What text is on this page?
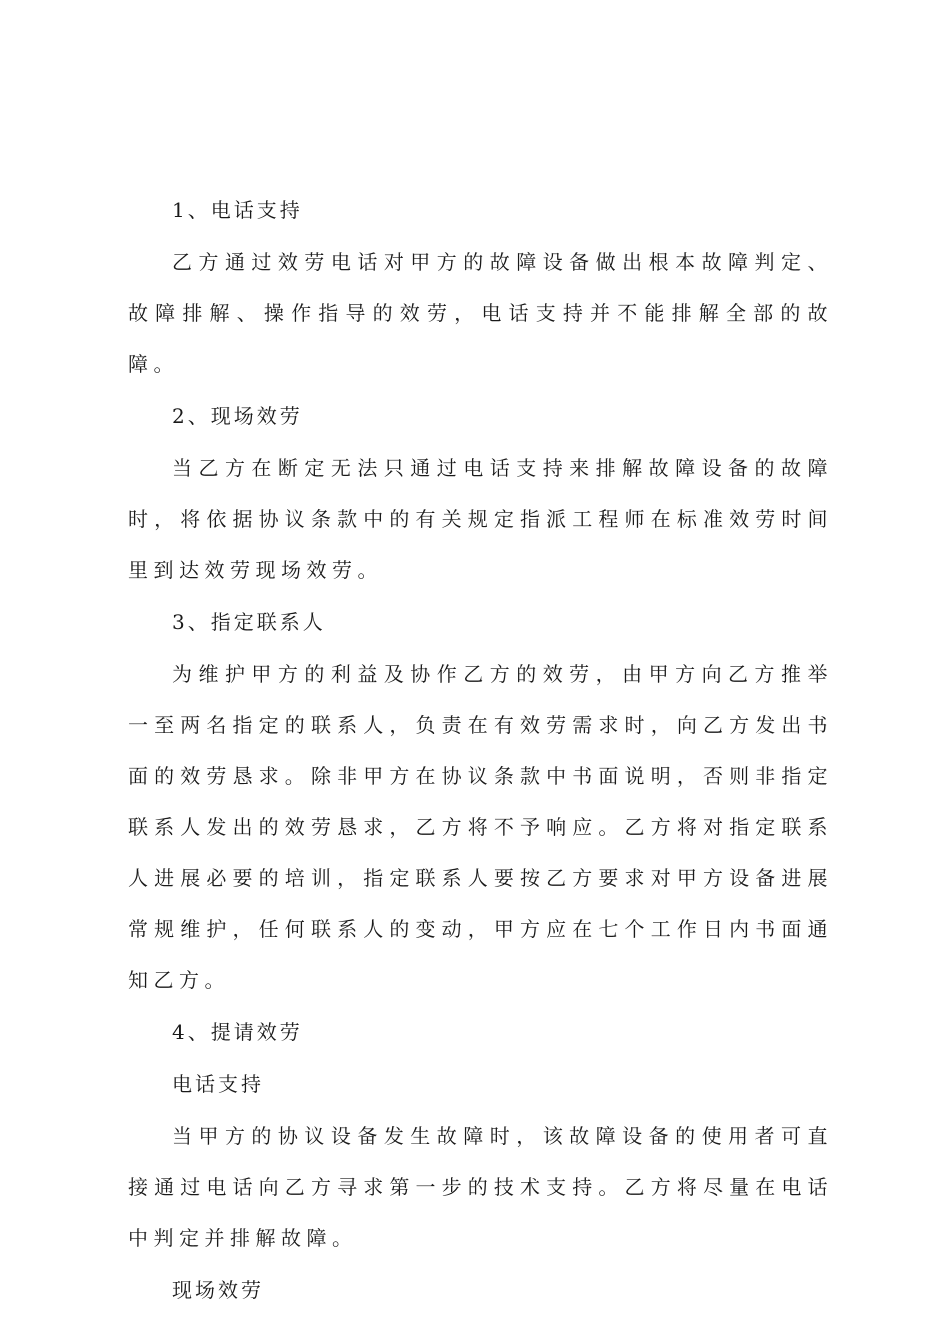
1、电话支持

乙方通过效劳电话对甲方的故障设备做出根本故障判定、故障排解、操作指导的效劳，电话支持并不能排解全部的故障。

2、现场效劳

当乙方在断定无法只通过电话支持来排解故障设备的故障时，将依据协议条款中的有关规定指派工程师在标准效劳时间里到达效劳现场效劳。

3、指定联系人

为维护甲方的利益及协作乙方的效劳，由甲方向乙方推举一至两名指定的联系人，负责在有效劳需求时，向乙方发出书面的效劳恳求。除非甲方在协议条款中书面说明，否则非指定联系人发出的效劳恳求，乙方将不予响应。乙方将对指定联系人进展必要的培训，指定联系人要按乙方要求对甲方设备进展常规维护，任何联系人的变动，甲方应在七个工作日内书面通知乙方。

4、提请效劳

电话支持

当甲方的协议设备发生故障时，该故障设备的使用者可直接通过电话向乙方寻求第一步的技术支持。乙方将尽量在电话中判定并排解故障。

现场效劳
